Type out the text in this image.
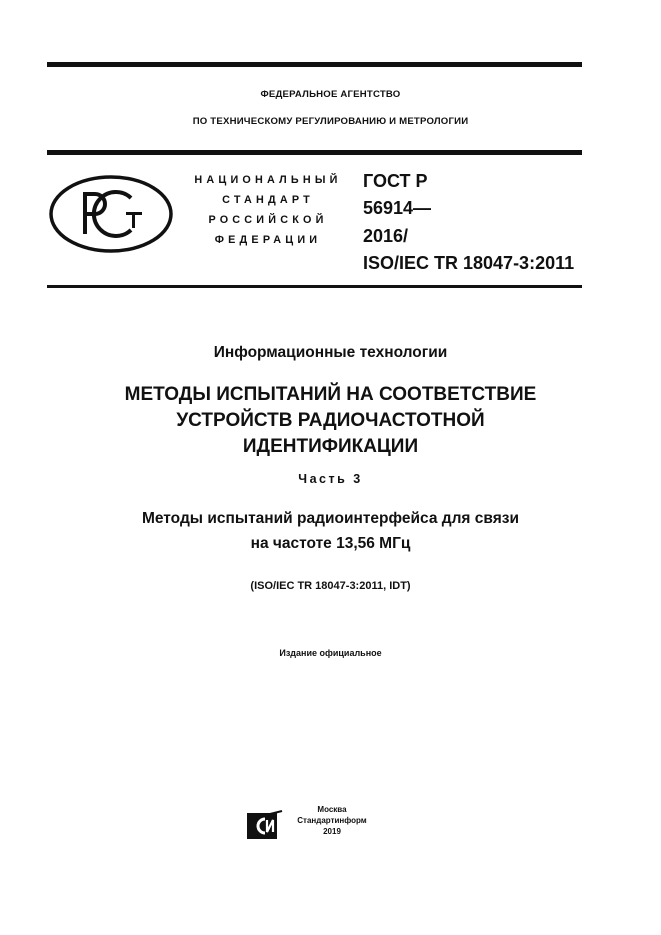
ФЕДЕРАЛЬНОЕ АГЕНТСТВО
ПО ТЕХНИЧЕСКОМУ РЕГУЛИРОВАНИЮ И МЕТРОЛОГИИ
РСТ
НАЦИОНАЛЬНЫЙ
СТАНДАРТ
РОССИЙСКОЙ
ФЕДЕРАЦИИ
ГОСТ Р
56914—
2016/
ISO/IEC TR 18047-3:2011
Информационные технологии
МЕТОДЫ ИСПЫТАНИЙ НА СООТВЕТСТВИЕ
УСТРОЙСТВ РАДИОЧАСТОТНОЙ
ИДЕНТИФИКАЦИИ
Часть 3
Методы испытаний радиоинтерфейса для связи
на частоте 13,56 МГц
(ISO/IEC TR 18047-3:2011, IDT)
Издание официальное
СИ
Москва
Стандартинформ
2019
